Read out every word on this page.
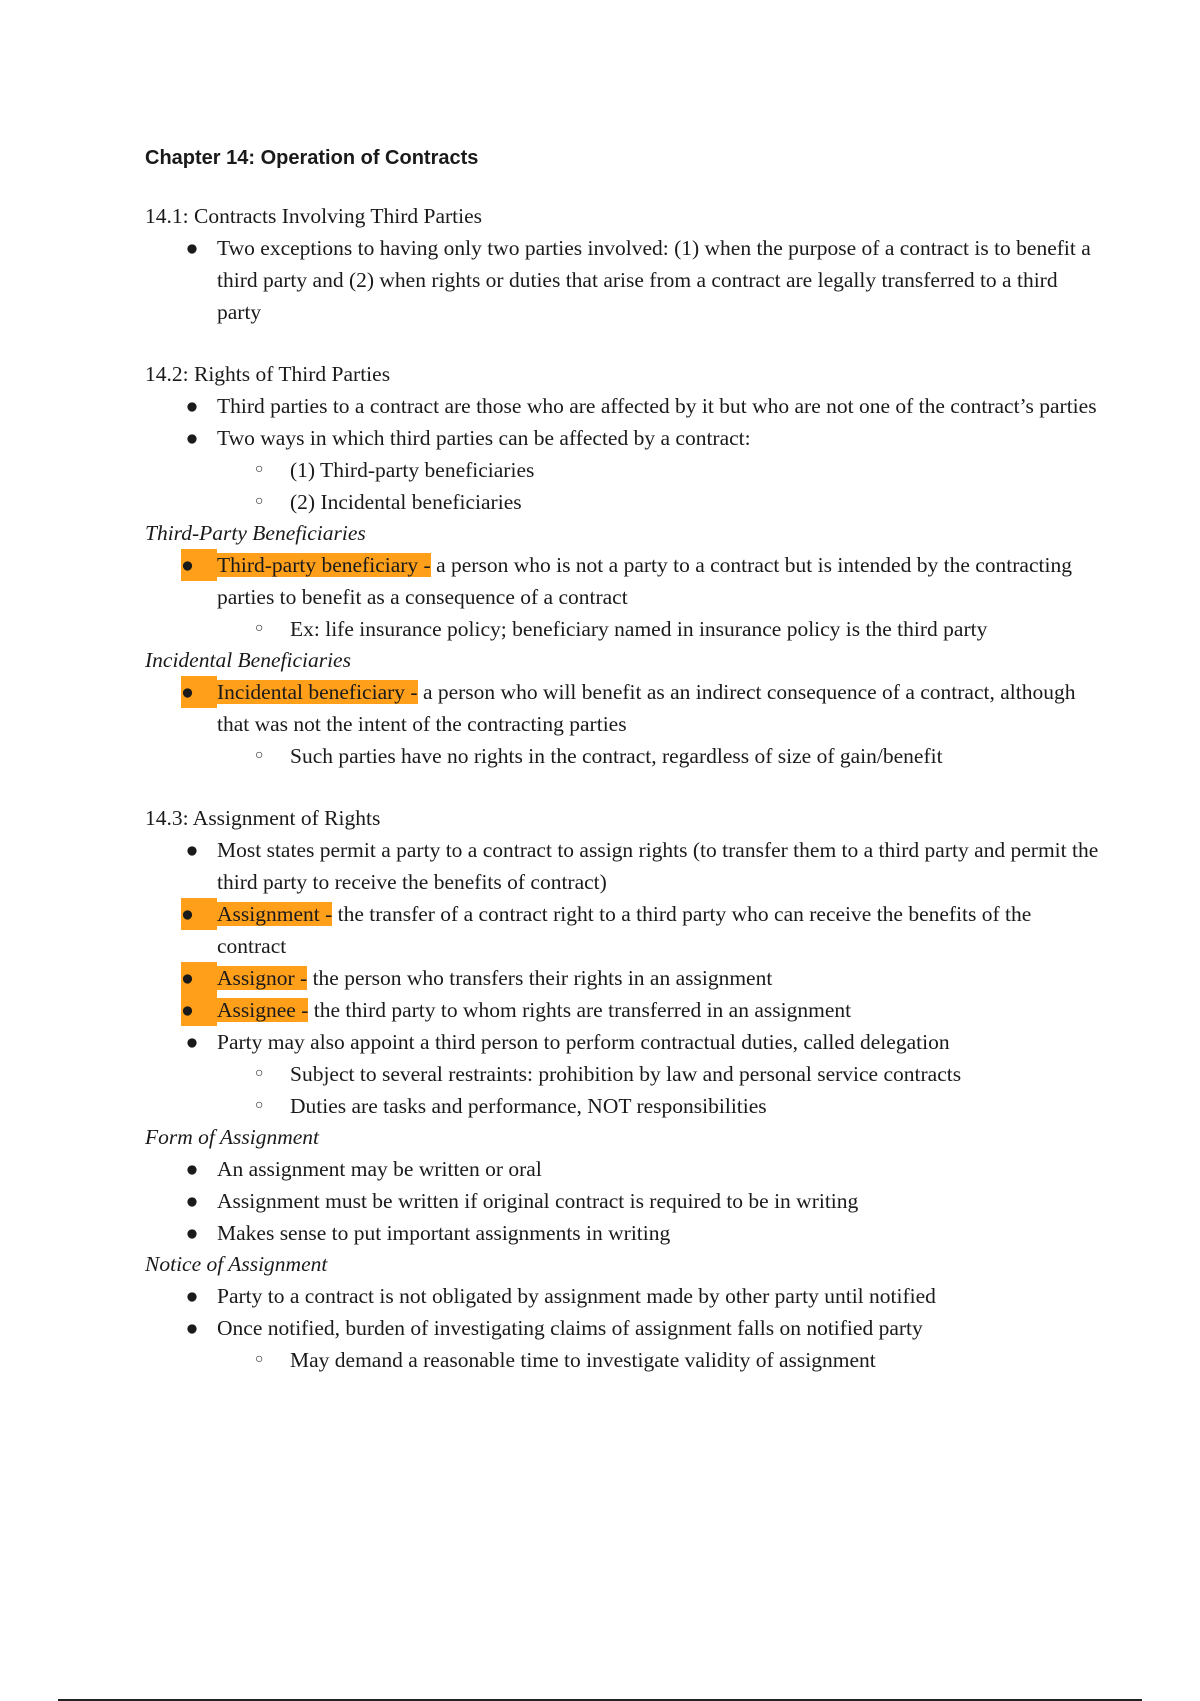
Chapter 14: Operation of Contracts

14.1: Contracts Involving Third Parties

● Two exceptions to having only two parties involved: (1) when the purpose of a contract is to benefit a third party and (2) when rights or duties that arise from a contract are legally transferred to a third party

14.2: Rights of Third Parties

● Third parties to a contract are those who are affected by it but who are not one of the contract’s parties
● Two ways in which third parties can be affected by a contract:
○ (1) Third-party beneficiaries
○ (2) Incidental beneficiaries

Third-Party Beneficiaries

●	Third-party beneficiary - a person who is not a party to a contract but is intended by the contracting parties to benefit as a consequence of a contract
○ Ex: life insurance policy; beneficiary named in insurance policy is the third party

Incidental Beneficiaries

●	Incidental beneficiary - a person who will benefit as an indirect consequence of a contract, although that was not the intent of the contracting parties
○ Such parties have no rights in the contract, regardless of size of gain/benefit

14.3: Assignment of Rights

● Most states permit a party to a contract to assign rights (to transfer them to a third party and permit the third party to receive the benefits of contract)
●	Assignment - the transfer of a contract right to a third party who can receive the benefits of the contract
●	Assignor - the person who transfers their rights in an assignment
●	Assignee - the third party to whom rights are transferred in an assignment
● Party may also appoint a third person to perform contractual duties, called delegation
○ Subject to several restraints: prohibition by law and personal service contracts
○ Duties are tasks and performance, NOT responsibilities

Form of Assignment

● An assignment may be written or oral
● Assignment must be written if original contract is required to be in writing
● Makes sense to put important assignments in writing

Notice of Assignment

● Party to a contract is not obligated by assignment made by other party until notified
● Once notified, burden of investigating claims of assignment falls on notified party
○ May demand a reasonable time to investigate validity of assignment
